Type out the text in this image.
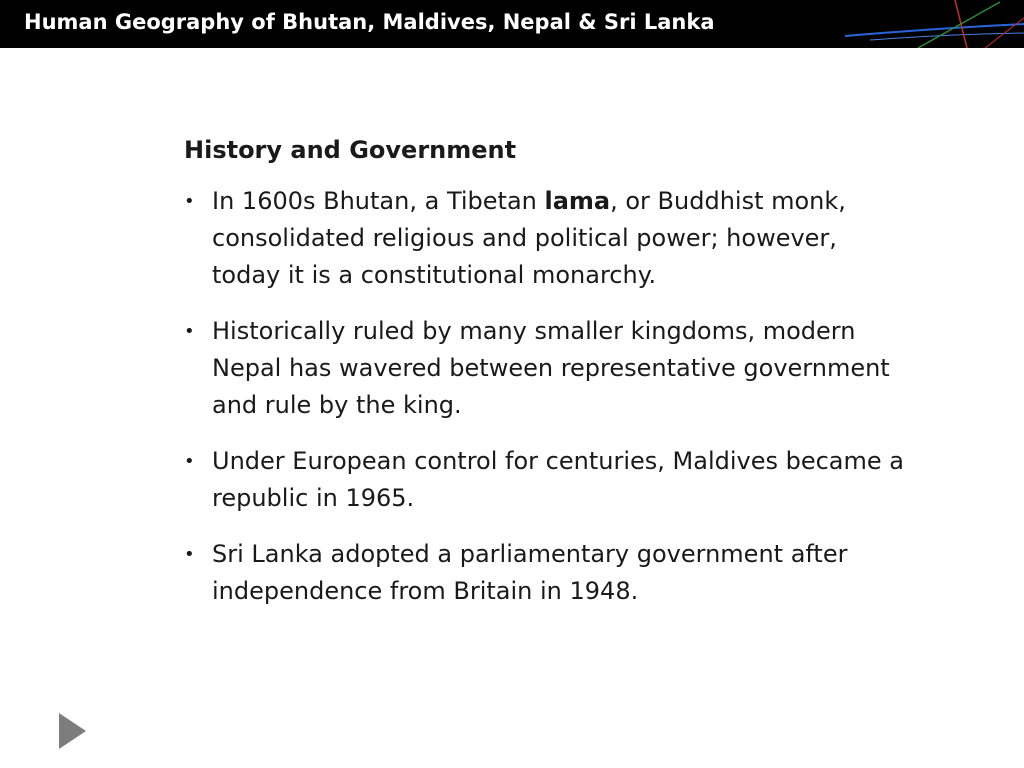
Human Geography of Bhutan, Maldives, Nepal & Sri Lanka
History and Government
• In 1600s Bhutan, a Tibetan lama, or Buddhist monk, consolidated religious and political power; however, today it is a constitutional monarchy.
• Historically ruled by many smaller kingdoms, modern Nepal has wavered between representative government and rule by the king.
• Under European control for centuries, Maldives became a republic in 1965.
• Sri Lanka adopted a parliamentary government after independence from Britain in 1948.
